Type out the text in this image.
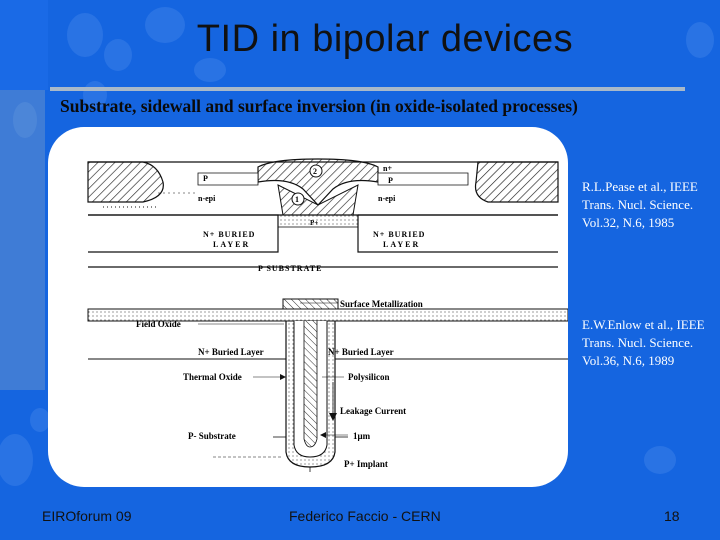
TID in bipolar devices
Substrate, sidewall and surface inversion (in oxide-isolated processes)
P
n-epi
2
1
n+
P
n-epi
P+
N+ BURIED
LAYER
N+ BURIED
LAYER
P SUBSTRATE
Surface Metallization
Field Oxide
N+ Buried Layer	N+ Buried Layer
Thermal Oxide	Polysilicon
Leakage Current
P- Substrate	1μm
P+ Implant
R.L.Pease et al., IEEE Trans. Nucl. Science. Vol.32, N.6, 1985
E.W.Enlow et al., IEEE Trans. Nucl. Science. Vol.36, N.6, 1989
EIROforum 09	Federico Faccio - CERN	18
